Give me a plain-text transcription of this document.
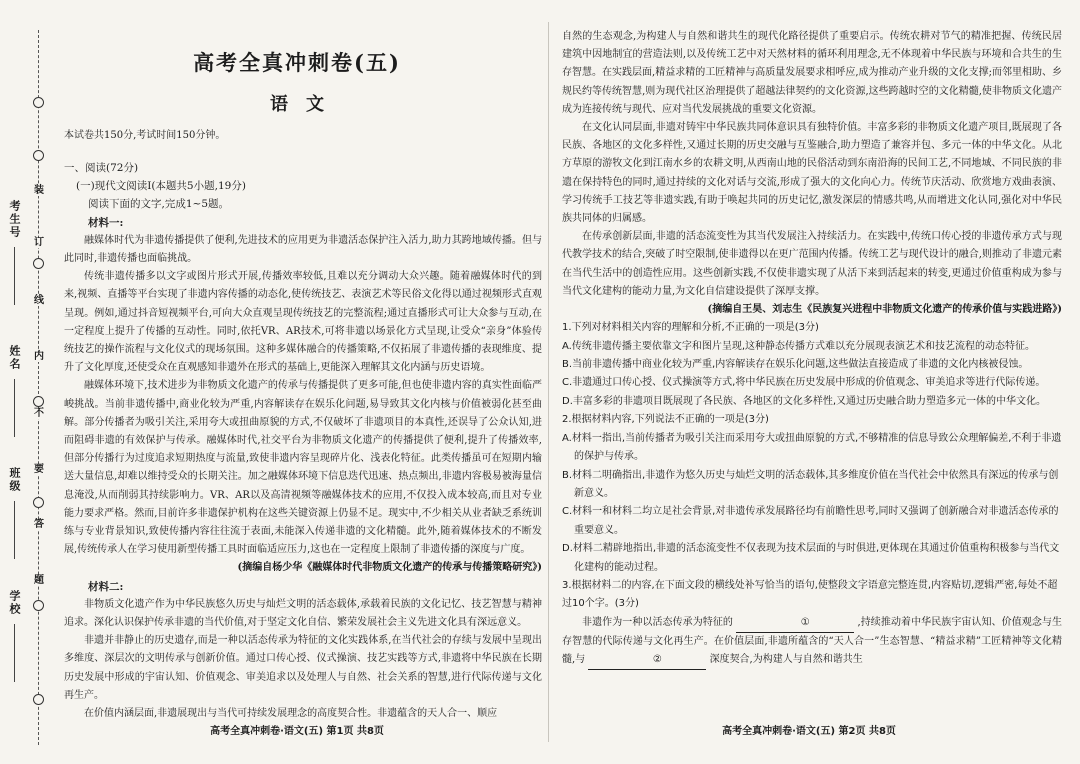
装
订
线
内
不
要
答
题
考生号
姓名
班级
学校
高考全真冲刺卷(五)
语文

本试卷共150分,考试时间150分钟。

一、阅读(72分)

(一)现代文阅读Ⅰ(本题共5小题,19分)

阅读下面的文字,完成1~5题。

材料一:

融媒体时代为非遗传播提供了便利,先进技术的应用更为非遗活态保护注入活力,助力其跨地域传播。但与此同时,非遗传播也面临挑战。

传统非遗传播多以文字或图片形式开展,传播效率较低,且难以充分调动大众兴趣。随着融媒体时代的到来,视频、直播等平台实现了非遗内容传播的动态化,使传统技艺、表演艺术等民俗文化得以通过视频形式直观呈现。例如,通过抖音短视频平台,可向大众直观呈现传统技艺的完整流程;通过直播形式可让大众参与互动,在一定程度上提升了传播的互动性。同时,依托VR、AR技术,可将非遗以场景化方式呈现,让受众“亲身”体验传统技艺的操作流程与文化仪式的现场氛围。这种多媒体融合的传播策略,不仅拓展了非遗传播的表现维度、提升了文化厚度,还使受众在直观感知非遗外在形式的基础上,更能深入理解其文化内涵与历史语境。

融媒体环境下,技术进步为非物质文化遗产的传承与传播提供了更多可能,但也使非遗内容的真实性面临严峻挑战。当前非遗传播中,商业化较为严重,内容解读存在娱乐化问题,易导致其文化内核与价值被弱化甚至曲解。部分传播者为吸引关注,采用夸大或扭曲原貌的方式,不仅破坏了非遗项目的本真性,还误导了公众认知,进而阻碍非遗的有效保护与传承。融媒体时代,社交平台为非物质文化遗产的传播提供了便利,提升了传播效率,但部分传播行为过度追求短期热度与流量,致使非遗内容呈现碎片化、浅表化特征。此类传播虽可在短期内输送大量信息,却难以维持受众的长期关注。加之融媒体环境下信息迭代迅速、热点频出,非遗内容极易被海量信息淹没,从而削弱其持续影响力。VR、AR以及高清视频等融媒体技术的应用,不仅投入成本较高,而且对专业能力要求严格。然而,目前许多非遗保护机构在这些关键资源上仍显不足。现实中,不少相关从业者缺乏系统训练与专业背景知识,致使传播内容往往流于表面,未能深入传递非遗的文化精髓。此外,随着媒体技术的不断发展,传统传承人在学习使用新型传播工具时面临适应压力,这也在一定程度上限制了非遗传播的深度与广度。

(摘编自杨少华《融媒体时代非物质文化遗产的传承与传播策略研究》)

材料二:

非物质文化遗产作为中华民族悠久历史与灿烂文明的活态载体,承载着民族的文化记忆、技艺智慧与精神追求。深化认识保护传承非遗的当代价值,对于坚定文化自信、繁荣发展社会主义先进文化具有深远意义。

非遗并非静止的历史遗存,而是一种以活态传承为特征的文化实践体系,在当代社会的存续与发展中呈现出多维度、深层次的文明传承与创新价值。通过口传心授、仪式操演、技艺实践等方式,非遗将中华民族在长期历史发展中形成的宇宙认知、价值观念、审美追求以及处理人与自然、社会关系的智慧,进行代际传递与文化再生产。

在价值内涵层面,非遗展现出与当代可持续发展理念的高度契合性。非遗蕴含的天人合一、顺应

高考全真冲刺卷·语文(五) 第1页 共8页

自然的生态观念,为构建人与自然和谐共生的现代化路径提供了重要启示。传统农耕对节气的精准把握、传统民居建筑中因地制宜的营造法则,以及传统工艺中对天然材料的循环利用理念,无不体现着中华民族与环境和合共生的生存智慧。在实践层面,精益求精的工匠精神与高质量发展要求相呼应,成为推动产业升级的文化支撑;而邻里相助、乡规民约等传统智慧,则为现代社区治理提供了超越法律契约的文化资源,这些跨越时空的文化精髓,使非物质文化遗产成为连接传统与现代、应对当代发展挑战的重要文化资源。

在文化认同层面,非遗对铸牢中华民族共同体意识具有独特价值。丰富多彩的非物质文化遗产项目,既展现了各民族、各地区的文化多样性,又通过长期的历史交融与互鉴融合,助力塑造了兼容并包、多元一体的中华文化。从北方草原的游牧文化到江南水乡的农耕文明,从西南山地的民俗活动到东南沿海的民间工艺,不同地域、不同民族的非遗在保持特色的同时,通过持续的文化对话与交流,形成了强大的文化向心力。传统节庆活动、欣赏地方戏曲表演、学习传统手工技艺等非遗实践,有助于唤起共同的历史记忆,激发深层的情感共鸣,从而增进文化认同,强化对中华民族共同体的归属感。

在传承创新层面,非遗的活态流变性为其当代发展注入持续活力。在实践中,传统口传心授的非遗传承方式与现代教学技术的结合,突破了时空限制,使非遗得以在更广范围内传播。传统工艺与现代设计的融合,则推动了非遗元素在当代生活中的创造性应用。这些创新实践,不仅使非遗实现了从活下来到活起来的转变,更通过价值重构成为参与当代文化建构的能动力量,为文化自信建设提供了深厚支撑。

(摘编自王昊、刘志生《民族复兴进程中非物质文化遗产的传承价值与实践进路》)

1.下列对材料相关内容的理解和分析,不正确的一项是(3分)

A.传统非遗传播主要依靠文字和图片呈现,这种静态传播方式难以充分展现表演艺术和技艺流程的动态特征。

B.当前非遗传播中商业化较为严重,内容解读存在娱乐化问题,这些做法直接造成了非遗的文化内核被侵蚀。

C.非遗通过口传心授、仪式操演等方式,将中华民族在历史发展中形成的价值观念、审美追求等进行代际传递。

D.丰富多彩的非遗项目既展现了各民族、各地区的文化多样性,又通过历史融合助力塑造多元一体的中华文化。

2.根据材料内容,下列说法不正确的一项是(3分)

A.材料一指出,当前传播者为吸引关注而采用夸大或扭曲原貌的方式,不够精准的信息导致公众理解偏差,不利于非遗的保护与传承。

B.材料二明确指出,非遗作为悠久历史与灿烂文明的活态载体,其多维度价值在当代社会中依然具有深远的传承与创新意义。

C.材料一和材料二均立足社会背景,对非遗传承发展路径均有前瞻性思考,同时又强调了创新融合对非遗活态传承的重要意义。

D.材料二精辟地指出,非遗的活态流变性不仅表现为技术层面的与时俱进,更体现在其通过价值重构积极参与当代文化建构的能动过程。

3.根据材料二的内容,在下面文段的横线处补写恰当的语句,使整段文字语意完整连贯,内容贴切,逻辑严密,每处不超过10个字。(3分)

非遗作为一种以活态传承为特征的	①	,持续推动着中华民族宇宙认知、价值观念与生存智慧的代际传递与文化再生产。在价值层面,非遗所蕴含的“天人合一”生态智慧、“精益求精”工匠精神等文化精髓,与	②	深度契合,为构建人与自然和谐共生

高考全真冲刺卷·语文(五) 第2页 共8页
